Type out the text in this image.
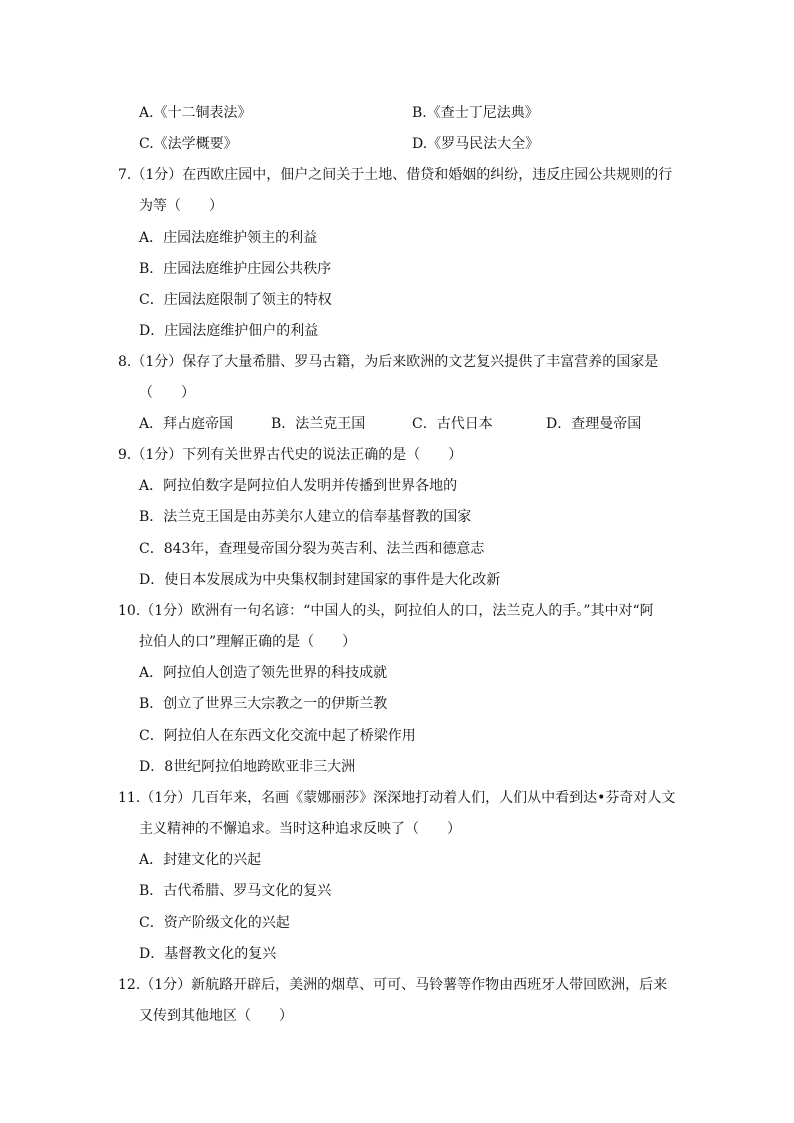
A.《十二铜表法》	B.《查士丁尼法典》
C.《法学概要》	D.《罗马民法大全》
7.（1分）在西欧庄园中，佃户之间关于土地、借贷和婚姻的纠纷，违反庄园公共规则的行
为等（　　）
A．庄园法庭维护领主的利益
B．庄园法庭维护庄园公共秩序
C．庄园法庭限制了领主的特权
D．庄园法庭维护佃户的利益
8.（1分）保存了大量希腊、罗马古籍，为后来欧洲的文艺复兴提供了丰富营养的国家是
（　　）
A．拜占庭帝国	B．法兰克王国	C．古代日本	D．查理曼帝国
9.（1分）下列有关世界古代史的说法正确的是（　　）
A．阿拉伯数字是阿拉伯人发明并传播到世界各地的
B．法兰克王国是由苏美尔人建立的信奉基督教的国家
C．843年，查理曼帝国分裂为英吉利、法兰西和德意志
D．使日本发展成为中央集权制封建国家的事件是大化改新
10.（1分）欧洲有一句名谚：“中国人的头，阿拉伯人的口，法兰克人的手。”其中对“阿
拉伯人的口”理解正确的是（　　）
A．阿拉伯人创造了领先世界的科技成就
B．创立了世界三大宗教之一的伊斯兰教
C．阿拉伯人在东西文化交流中起了桥梁作用
D．8世纪阿拉伯地跨欧亚非三大洲
11.（1分）几百年来，名画《蒙娜丽莎》深深地打动着人们，人们从中看到达•芬奇对人文
主义精神的不懈追求。当时这种追求反映了（　　）
A．封建文化的兴起
B．古代希腊、罗马文化的复兴
C．资产阶级文化的兴起
D．基督教文化的复兴
12.（1分）新航路开辟后，美洲的烟草、可可、马铃薯等作物由西班牙人带回欧洲，后来
又传到其他地区（　　）
